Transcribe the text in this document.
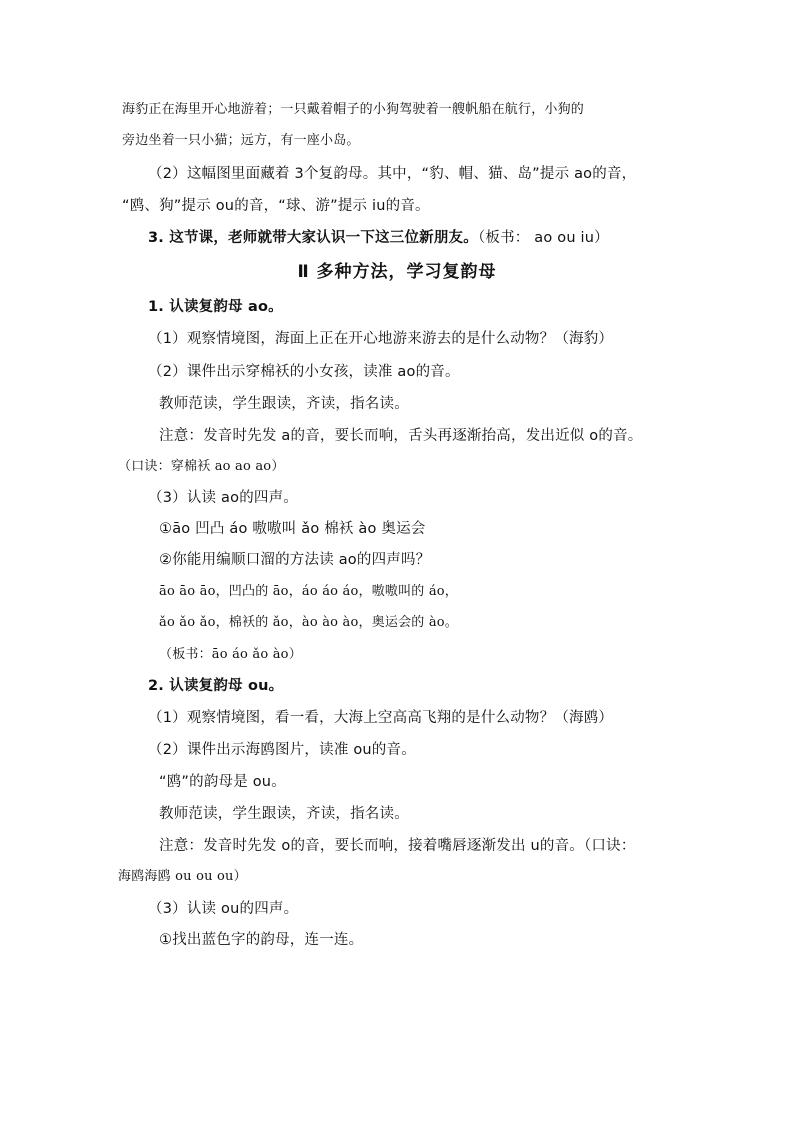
海豹正在海里开心地游着；一只戴着帽子的小狗驾驶着一艘帆船在航行，小狗的
旁边坐着一只小猫；远方，有一座小岛。
（2）这幅图里面藏着 3个复韵母。其中，“豹、帽、猫、岛”提示 ao的音，
“鸥、狗”提示 ou的音，“球、游”提示 iu的音。
3. 这节课，老师就带大家认识一下这三位新朋友。（板书： ao ou iu）
Ⅱ 多种方法，学习复韵母
1. 认读复韵母 ao。
（1）观察情境图，海面上正在开心地游来游去的是什么动物？（海豹）
（2）课件出示穿棉袄的小女孩，读准 ao的音。
教师范读，学生跟读，齐读，指名读。
注意：发音时先发 a的音，要长而响，舌头再逐渐抬高，发出近似 o的音。
（口诀：穿棉袄 ao ao ao）
（3）认读 ao的四声。
①āo 凹凸 áo 嗷嗷叫 ǎo 棉袄 ào 奥运会
②你能用编顺口溜的方法读 ao的四声吗？
āo āo āo，凹凸的 āo，áo áo áo，嗷嗷叫的 áo，
ǎo ǎo ǎo，棉袄的 ǎo，ào ào ào，奥运会的 ào。
（板书：āo áo ǎo ào）
2. 认读复韵母 ou。
（1）观察情境图，看一看，大海上空高高飞翔的是什么动物？（海鸥）
（2）课件出示海鸥图片，读准 ou的音。
“鸥”的韵母是 ou。
教师范读，学生跟读，齐读，指名读。
注意：发音时先发 o的音，要长而响，接着嘴唇逐渐发出 u的音。（口诀：
海鸥海鸥 ou ou ou）
（3）认读 ou的四声。
①找出蓝色字的韵母，连一连。
